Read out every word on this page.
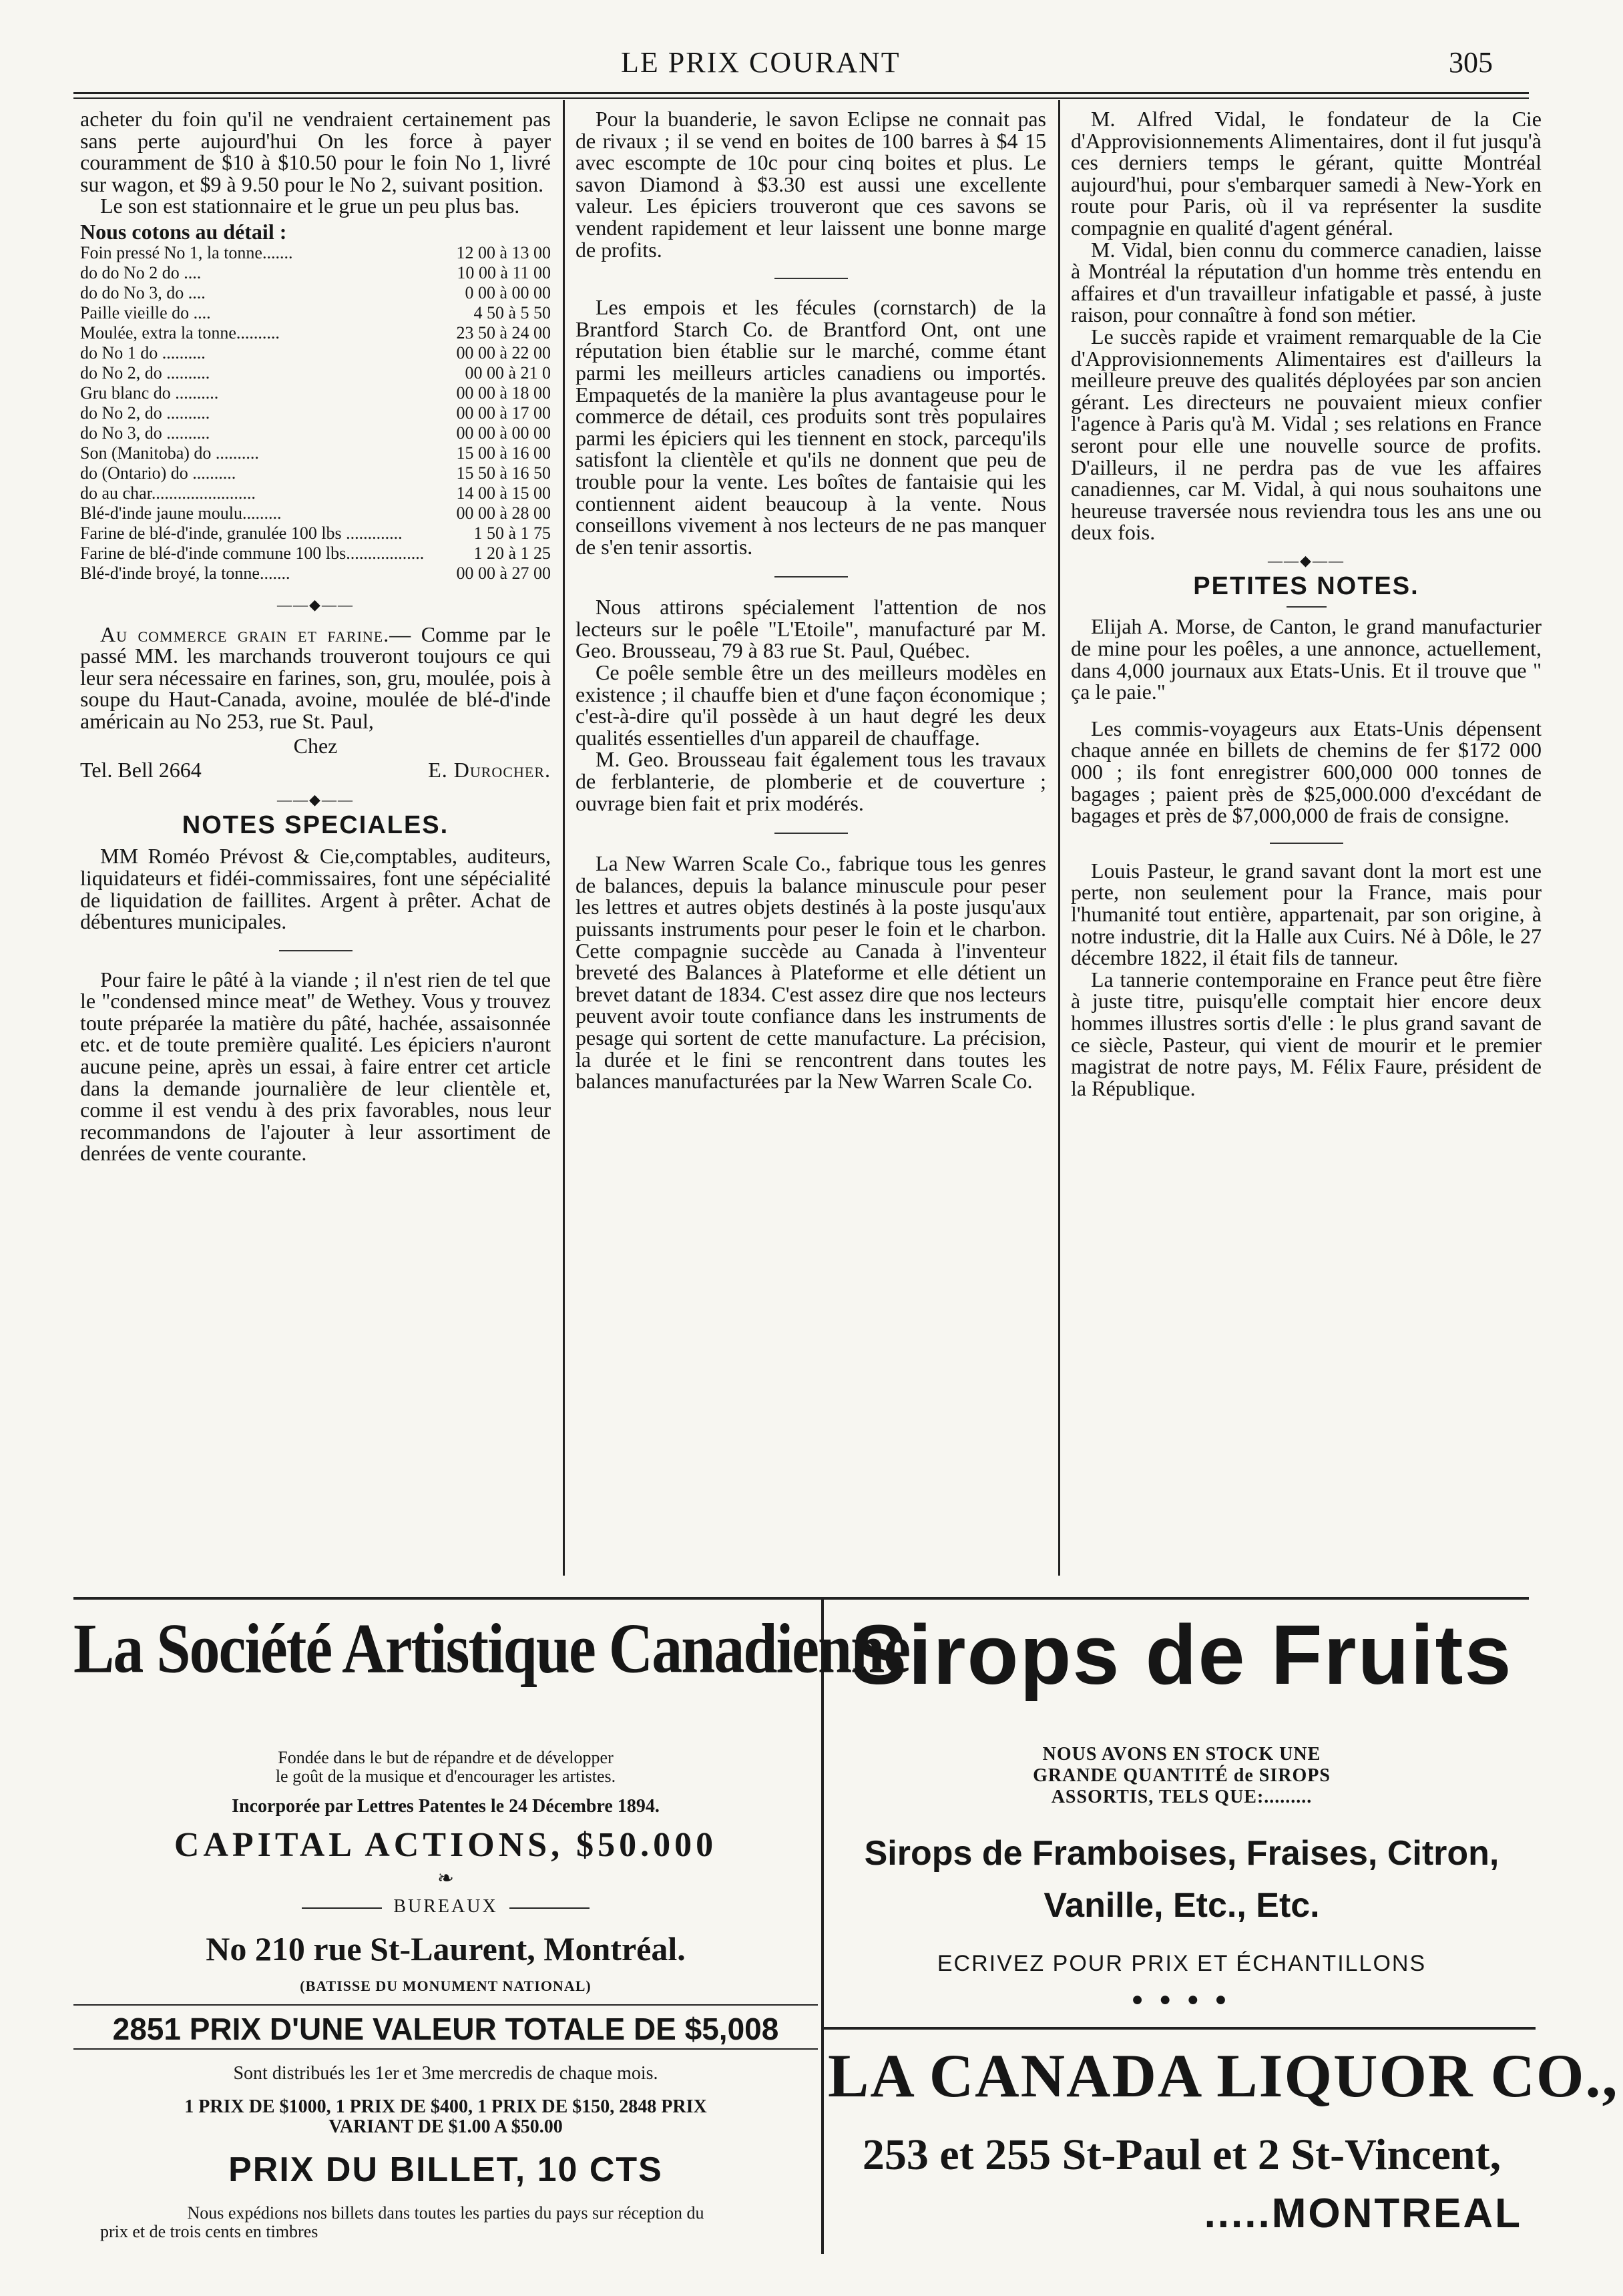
LE PRIX COURANT	305

acheter du foin qu'il ne vendraient certainement pas sans perte aujourd'hui On les force à payer couramment de $10 à $10.50 pour le foin No 1, livré sur wagon, et $9 à 9.50 pour le No 2, suivant position.

Le son est stationnaire et le grue un peu plus bas.

Nous cotons au détail :

Foin pressé No 1, la tonne.......	12 00 à 13 00
do do No 2 do ....	10 00 à 11 00
do do No 3, do ....	0 00 à 00 00
Paille vieille do ....	4 50 à 5 50
Moulée, extra la tonne..........	23 50 à 24 00
do No 1 do ..........	00 00 à 22 00
do No 2, do ..........	00 00 à 21 0
Gru blanc do ..........	00 00 à 18 00
do No 2, do ..........	00 00 à 17 00
do No 3, do ..........	00 00 à 00 00
Son (Manitoba) do ..........	15 00 à 16 00
do (Ontario) do ..........	15 50 à 16 50
do au char........................	14 00 à 15 00
Blé-d'inde jaune moulu.........	00 00 à 28 00
Farine de blé-d'inde, granulée 100 lbs .............	1 50 à 1 75
Farine de blé-d'inde commune 100 lbs..................	1 20 à 1 25
Blé-d'inde broyé, la tonne.......	00 00 à 27 00
——◆——

Au commerce grain et farine.— Comme par le passé MM. les marchands trouveront toujours ce qui leur sera nécessaire en farines, son, gru, moulée, pois à soupe du Haut-Canada, avoine, moulée de blé-d'inde américain au No 253, rue St. Paul,

Chez

Tel. Bell 2664	E. Durocher.
——◆——
NOTES SPECIALES.

MM Roméo Prévost & Cie,comptables, auditeurs, liquidateurs et fidéi-commissaires, font une sépécialité de liquidation de faillites. Argent à prêter. Achat de débentures municipales.

Pour faire le pâté à la viande ; il n'est rien de tel que le "condensed mince meat" de Wethey. Vous y trouvez toute préparée la matière du pâté, hachée, assaisonnée etc. et de toute première qualité. Les épiciers n'auront aucune peine, après un essai, à faire entrer cet article dans la demande journalière de leur clientèle et, comme il est vendu à des prix favorables, nous leur recommandons de l'ajouter à leur assortiment de denrées de vente courante.

Pour la buanderie, le savon Eclipse ne connait pas de rivaux ; il se vend en boites de 100 barres à $4 15 avec escompte de 10c pour cinq boites et plus. Le savon Diamond à $3.30 est aussi une excellente valeur. Les épiciers trouveront que ces savons se vendent rapidement et leur laissent une bonne marge de profits.

Les empois et les fécules (cornstarch) de la Brantford Starch Co. de Brantford Ont, ont une réputation bien établie sur le marché, comme étant parmi les meilleurs articles canadiens ou importés. Empaquetés de la manière la plus avantageuse pour le commerce de détail, ces produits sont très populaires parmi les épiciers qui les tiennent en stock, parcequ'ils satisfont la clientèle et qu'ils ne donnent que peu de trouble pour la vente. Les boîtes de fantaisie qui les contiennent aident beaucoup à la vente. Nous conseillons vivement à nos lecteurs de ne pas manquer de s'en tenir assortis.

Nous attirons spécialement l'attention de nos lecteurs sur le poêle "L'Etoile", manufacturé par M. Geo. Brousseau, 79 à 83 rue St. Paul, Québec.

Ce poêle semble être un des meilleurs modèles en existence ; il chauffe bien et d'une façon économique ; c'est-à-dire qu'il possède à un haut degré les deux qualités essentielles d'un appareil de chauffage.

M. Geo. Brousseau fait également tous les travaux de ferblanterie, de plomberie et de couverture ; ouvrage bien fait et prix modérés.

La New Warren Scale Co., fabrique tous les genres de balances, depuis la balance minuscule pour peser les lettres et autres objets destinés à la poste jusqu'aux puissants instruments pour peser le foin et le charbon. Cette compagnie succède au Canada à l'inventeur breveté des Balances à Plateforme et elle détient un brevet datant de 1834. C'est assez dire que nos lecteurs peuvent avoir toute confiance dans les instruments de pesage qui sortent de cette manufacture. La précision, la durée et le fini se rencontrent dans toutes les balances manufacturées par la New Warren Scale Co.

M. Alfred Vidal, le fondateur de la Cie d'Approvisionnements Alimentaires, dont il fut jusqu'à ces derniers temps le gérant, quitte Montréal aujourd'hui, pour s'embarquer samedi à New-York en route pour Paris, où il va représenter la susdite compagnie en qualité d'agent général.

M. Vidal, bien connu du commerce canadien, laisse à Montréal la réputation d'un homme très entendu en affaires et d'un travailleur infatigable et passé, à juste raison, pour connaître à fond son métier.

Le succès rapide et vraiment remarquable de la Cie d'Approvisionnements Alimentaires est d'ailleurs la meilleure preuve des qualités déployées par son ancien gérant. Les directeurs ne pouvaient mieux confier l'agence à Paris qu'à M. Vidal ; ses relations en France seront pour elle une nouvelle source de profits. D'ailleurs, il ne perdra pas de vue les affaires canadiennes, car M. Vidal, à qui nous souhaitons une heureuse traversée nous reviendra tous les ans une ou deux fois.

——◆——
PETITES NOTES.

Elijah A. Morse, de Canton, le grand manufacturier de mine pour les poêles, a une annonce, actuellement, dans 4,000 journaux aux Etats-Unis. Et il trouve que " ça le paie."

Les commis-voyageurs aux Etats-Unis dépensent chaque année en billets de chemins de fer $172 000 000 ; ils font enregistrer 600,000 000 tonnes de bagages ; paient près de $25,000.000 d'excédant de bagages et près de $7,000,000 de frais de consigne.

Louis Pasteur, le grand savant dont la mort est une perte, non seulement pour la France, mais pour l'humanité tout entière, appartenait, par son origine, à notre industrie, dit la Halle aux Cuirs. Né à Dôle, le 27 décembre 1822, il était fils de tanneur.

La tannerie contemporaine en France peut être fière à juste titre, puisqu'elle comptait hier encore deux hommes illustres sortis d'elle : le plus grand savant de ce siècle, Pasteur, qui vient de mourir et le premier magistrat de notre pays, M. Félix Faure, président de la République.

La Société Artistique Canadienne
Fondée dans le but de répandre et de développer
le goût de la musique et d'encourager les artistes.
Incorporée par Lettres Patentes le 24 Décembre 1894.
CAPITAL ACTIONS, $50.000
❧
BUREAUX
No 210 rue St-Laurent, Montréal.
(BATISSE DU MONUMENT NATIONAL)
2851 PRIX D'UNE VALEUR TOTALE DE $5,008
Sont distribués les 1er et 3me mercredis de chaque mois.
1 PRIX DE $1000, 1 PRIX DE $400, 1 PRIX DE $150, 2848 PRIX
VARIANT DE $1.00 A $50.00
PRIX DU BILLET, 10 CTS
Nous expédions nos billets dans toutes les parties du pays sur réception du
prix et de trois cents en timbres
Sirops de Fruits
NOUS AVONS EN STOCK UNE
GRANDE QUANTITÉ de SIROPS
ASSORTIS, TELS QUE:.........
Sirops de Framboises, Fraises, Citron,
Vanille, Etc., Etc.
ECRIVEZ POUR PRIX ET ÉCHANTILLONS
● ● ● ●
LA CANADA LIQUOR CO.,
253 et 255 St-Paul et 2 St-Vincent,
.....MONTREAL
